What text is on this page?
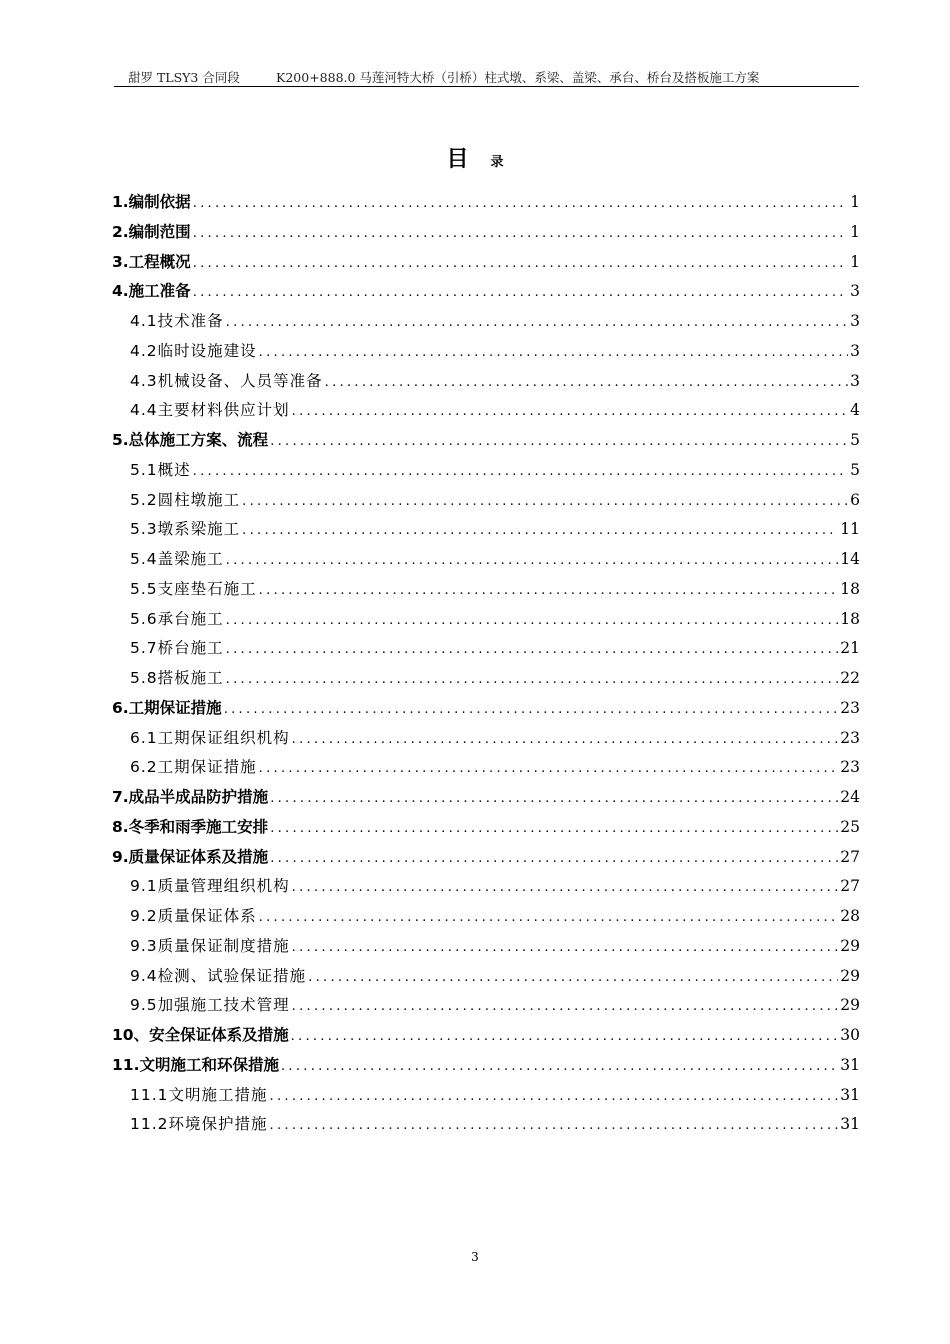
甜罗 TLSY3 合同段	K200+888.0 马莲河特大桥（引桥）柱式墩、系梁、盖梁、承台、桥台及搭板施工方案
目 录
1.编制依据 .....	1
2.编制范围 .....	1
3.工程概况 .....	1
4.施工准备 .....	3
4.1技术准备 .....	3
4.2临时设施建设 .....	3
4.3机械设备、人员等准备 .....	3
4.4主要材料供应计划 .....	4
5.总体施工方案、流程 .....	5
5.1概述 .....	5
5.2圆柱墩施工 .....	6
5.3墩系梁施工 .....	11
5.4盖梁施工 .....	14
5.5支座垫石施工 .....	18
5.6承台施工 .....	18
5.7桥台施工 .....	21
5.8搭板施工 .....	22
6.工期保证措施 .....	23
6.1工期保证组织机构 .....	23
6.2工期保证措施 .....	23
7.成品半成品防护措施 .....	24
8.冬季和雨季施工安排 .....	25
9.质量保证体系及措施 .....	27
9.1质量管理组织机构 .....	27
9.2质量保证体系 .....	28
9.3质量保证制度措施 .....	29
9.4检测、试验保证措施 .....	29
9.5加强施工技术管理 .....	29
10、安全保证体系及措施 .....	30
11.文明施工和环保措施 .....	31
11.1文明施工措施 .....	31
11.2环境保护措施 .....	31
3
